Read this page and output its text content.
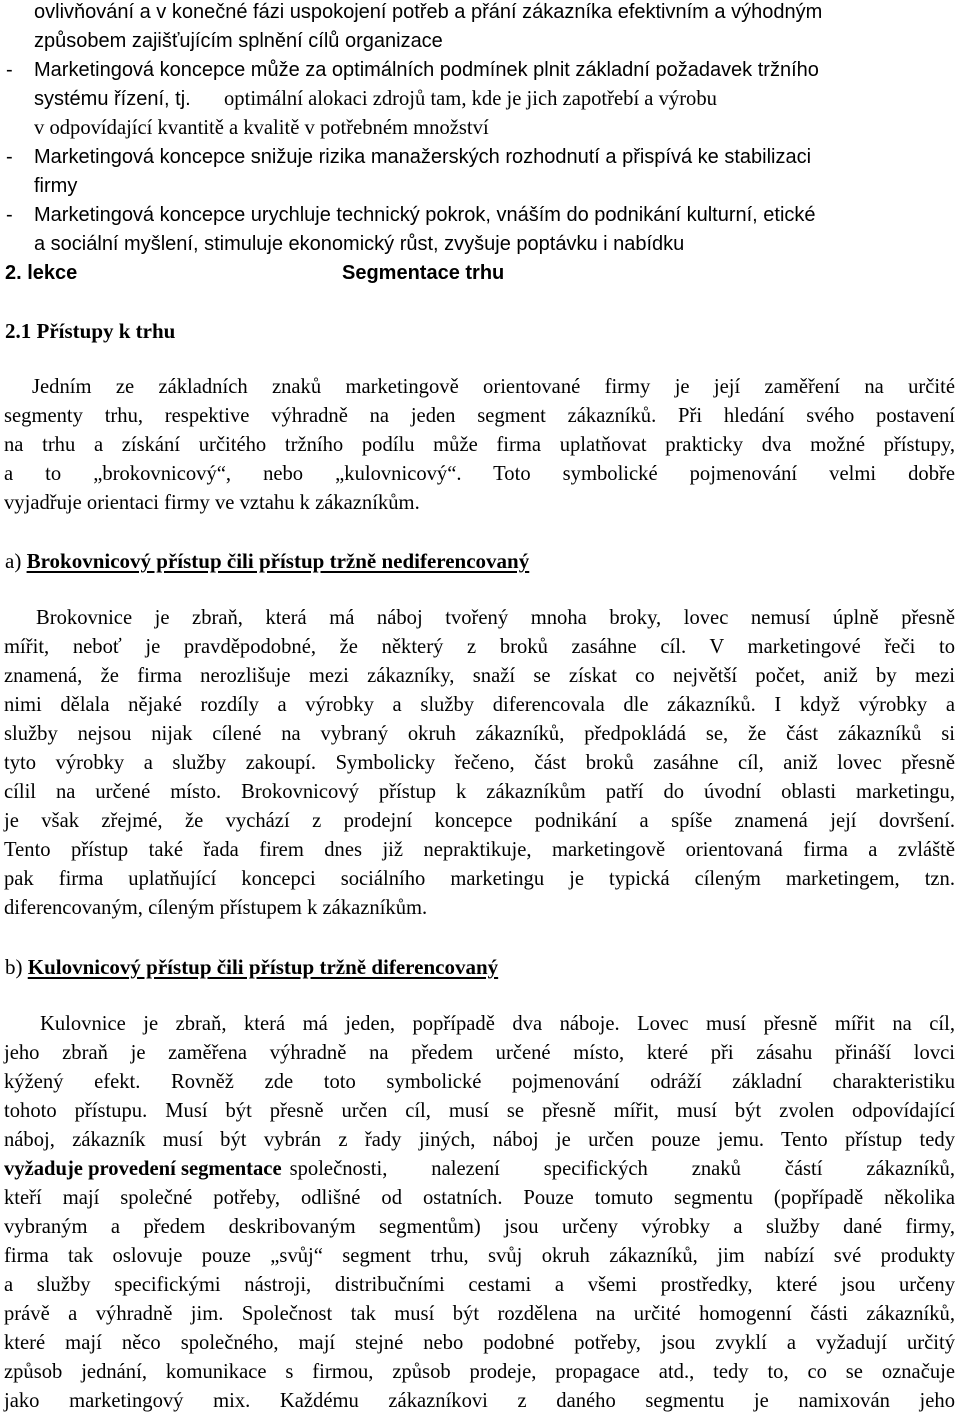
ovlivňování a v konečné fázi uspokojení potřeb a přání zákazníka efektivním a výhodným
způsobem zajišťujícím splnění cílů organizace
- Marketingová koncepce může za optimálních podmínek plnit základní požadavek tržního
systému řízení, tj. optimální alokaci zdrojů tam, kde je jich zapotřebí a výrobu
v odpovídající kvantitě a kvalitě v potřebném množství
- Marketingová koncepce snižuje rizika manažerských rozhodnutí a přispívá ke stabilizaci
firmy
- Marketingová koncepce urychluje technický pokrok, vnáším do podnikání kulturní, etické
a sociální myšlení, stimuluje ekonomický růst, zvyšuje poptávku i nabídku
2. lekce	Segmentace trhu
2.1 Přístupy k trhu
Jedním ze základních znaků marketingově orientované firmy je její zaměření na určité
segmenty trhu, respektive výhradně na jeden segment zákazníků. Při hledání svého postavení
na trhu a získání určitého tržního podílu může firma uplatňovat prakticky dva možné přístupy,
a to „brokovnicový“, nebo „kulovnicový“. Toto symbolické pojmenování velmi dobře
vyjadřuje orientaci firmy ve vztahu k zákazníkům.
a) Brokovnicový přístup čili přístup tržně nediferencovaný
Brokovnice je zbraň, která má náboj tvořený mnoha broky, lovec nemusí úplně přesně
mířit, neboť je pravděpodobné, že některý z broků zasáhne cíl. V marketingové řeči to
znamená, že firma nerozlišuje mezi zákazníky, snaží se získat co největší počet, aniž by mezi
nimi dělala nějaké rozdíly a výrobky a služby diferencovala dle zákazníků. I když výrobky a
služby nejsou nijak cílené na vybraný okruh zákazníků, předpokládá se, že část zákazníků si
tyto výrobky a služby zakoupí. Symbolicky řečeno, část broků zasáhne cíl, aniž lovec přesně
cílil na určené místo. Brokovnicový přístup k zákazníkům patří do úvodní oblasti marketingu,
je však zřejmé, že vychází z prodejní koncepce podnikání a spíše znamená její dovršení.
Tento přístup také řada firem dnes již nepraktikuje, marketingově orientovaná firma a zvláště
pak firma uplatňující koncepci sociálního marketingu je typická cíleným marketingem, tzn.
diferencovaným, cíleným přístupem k zákazníkům.
b) Kulovnicový přístup čili přístup tržně diferencovaný
Kulovnice je zbraň, která má jeden, popřípadě dva náboje. Lovec musí přesně mířit na cíl,
jeho zbraň je zaměřena výhradně na předem určené místo, které při zásahu přináší lovci
kýžený efekt. Rovněž zde toto symbolické pojmenování odráží základní charakteristiku
tohoto přístupu. Musí být přesně určen cíl, musí se přesně mířit, musí být zvolen odpovídající
náboj, zákazník musí být vybrán z řady jiných, náboj je určen pouze jemu. Tento přístup tedy
vyžaduje provedení segmentace společnosti, nalezení specifických znaků částí zákazníků,
kteří mají společné potřeby, odlišné od ostatních. Pouze tomuto segmentu (popřípadě několika
vybraným a předem deskribovaným segmentům) jsou určeny výrobky a služby dané firmy,
firma tak oslovuje pouze „svůj“ segment trhu, svůj okruh zákazníků, jim nabízí své produkty
a služby specifickými nástroji, distribučními cestami a všemi prostředky, které jsou určeny
právě a výhradně jim. Společnost tak musí být rozdělena na určité homogenní části zákazníků,
které mají něco společného, mají stejné nebo podobné potřeby, jsou zvyklí a vyžadují určitý
způsob jednání, komunikace s firmou, způsob prodeje, propagace atd., tedy to, co se označuje
jako marketingový mix. Každému zákazníkovi z daného segmentu je namixován jeho
